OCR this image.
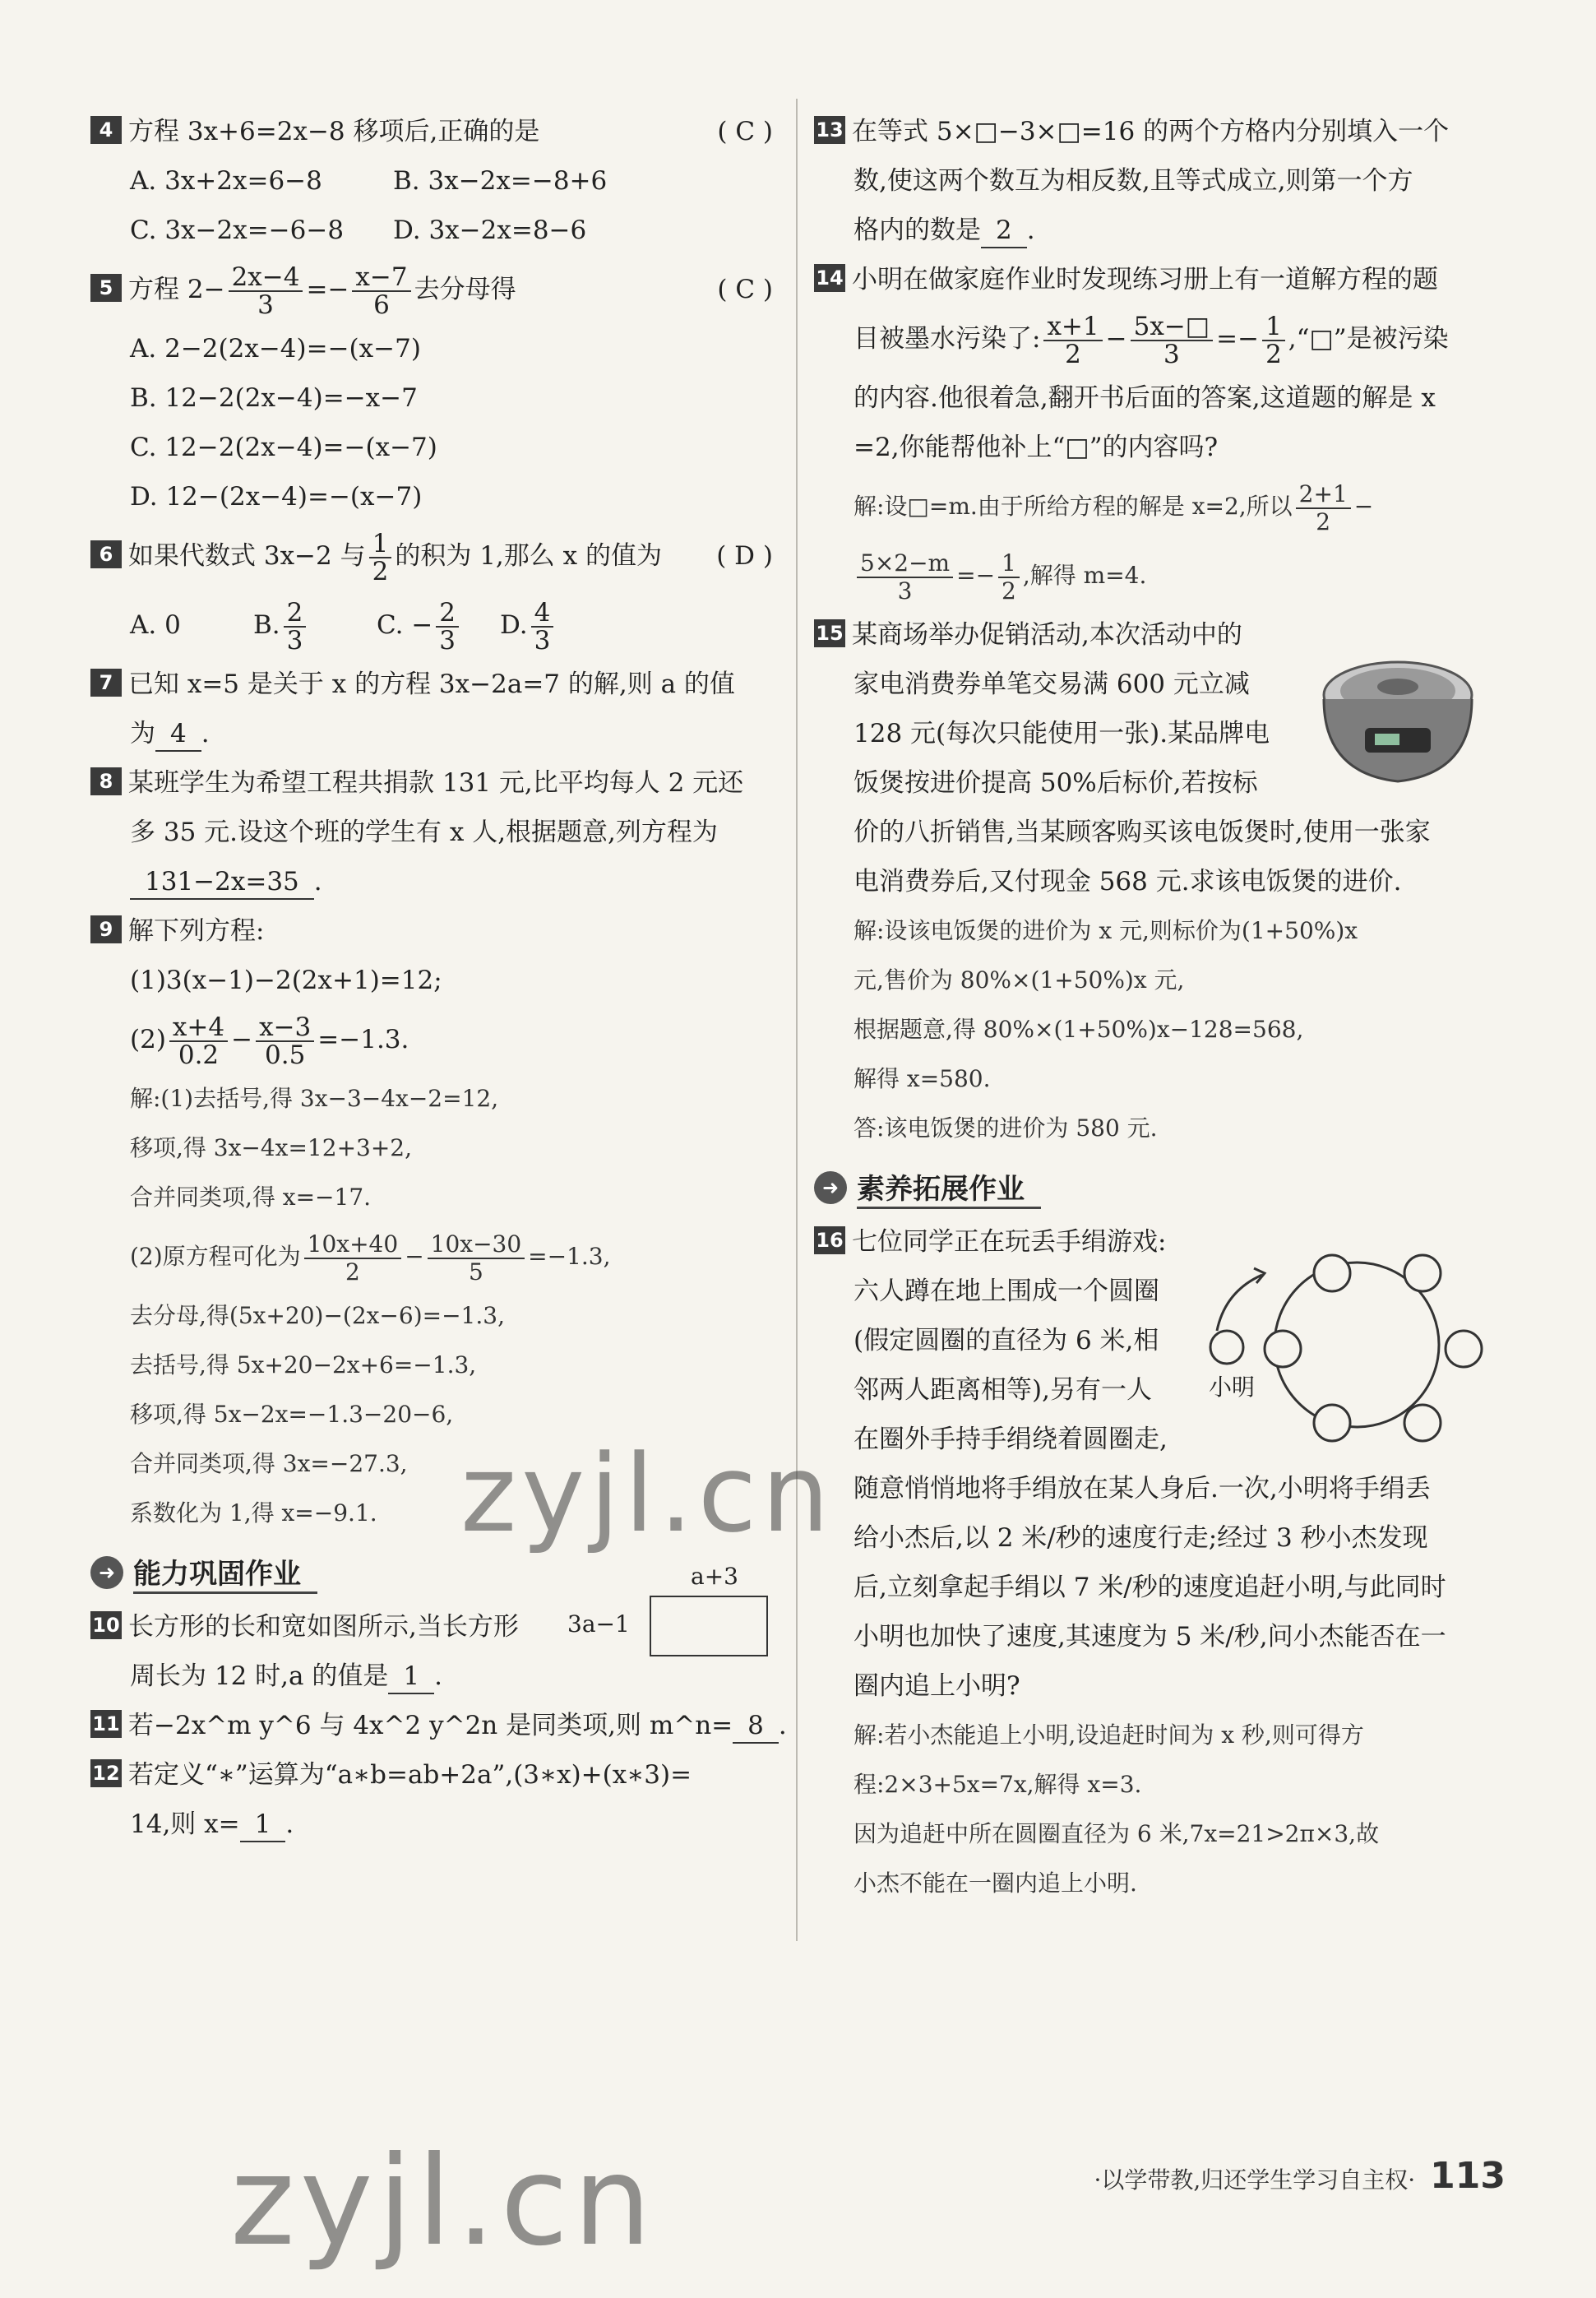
4 方程 3x+6=2x−8 移项后,正确的是	( C )
A. 3x+2x=6−8	B. 3x−2x=−8+6
C. 3x−2x=−6−8 D. 3x−2x=8−6
5 方程 $2- \frac{2x-4}{3} =- \frac{x-7}{6}$ 去分母得	( C )
A. 2−2(2x−4)=−(x−7)
B. 12−2(2x−4)=−x−7
C. 12−2(2x−4)=−(x−7)
D. 12−(2x−4)=−(x−7)
6 如果代数式 3x−2 与 $\frac{1}{2}$ 的积为 1,那么 x 的值为 ( D )
A. 0	B. $\frac{2}{3}$	C. − $\frac{2}{3} D$. $\frac{4}{3}$
7 已知 x=5 是关于 x 的方程 3x−2a=7 的解,则 a 的值
为 4 .
8 某班学生为希望工程共捐款 131 元,比平均每人 2 元还
多 35 元.设这个班的学生有 x 人,根据题意,列方程为
131−2x=35 .
9 解下列方程:
(1)3(x−1)−2(2x+1)=12;
$(2) \frac{x+4}{0.2} - \frac{x-3}{0.5} =-1.3$.
解:(1)去括号,得 3x−3−4x−2=12,
移项,得 3x−4x=12+3+2,
合并同类项,得 x=−17.
(2)原方程可化为 $\frac{10x+40}{2} - \frac{10x-30}{5} =-1.3$,
去分母,得(5x+20)−(2x−6)=−1.3,
去括号,得 5x+20−2x+6=−1.3,
移项,得 5x−2x=−1.3−20−6,
合并同类项,得 3x=−27.3,
系数化为 1,得 x=−9.1.
➜ 能力巩固作业
10 长方形的长和宽如图所示,当长方形
周长为 12 时,a 的值是 1 .
11 若−2x^m y^6 与 4x^2 y^2n 是同类项,则 m^n= 8 .
12 若定义“∗”运算为“a∗b=ab+2a”,(3∗x)+(x∗3)=
14,则 x= 1 .
a+3
3a−1
13 在等式 5×□−3×□=16 的两个方格内分别填入一个
数,使这两个数互为相反数,且等式成立,则第一个方
格内的数是 2 .
14 小明在做家庭作业时发现练习册上有一道解方程的题
目被墨水污染了: $\frac{x+1}{2} - \frac{5x-□}{3} =- \frac{1}{2}$ ,“□”是被污染
的内容.他很着急,翻开书后面的答案,这道题的解是 x
=2,你能帮他补上“□”的内容吗?
解:设□=m.由于所给方程的解是 x=2,所以 $\frac{2+1}{2}$ −
$\frac{5\times 2-m}{3} =- \frac{1}{2}$ ,解得 m=4.
15 某商场举办促销活动,本次活动中的
家电消费券单笔交易满 600 元立减
128 元(每次只能使用一张).某品牌电
饭煲按进价提高 50%后标价,若按标
价的八折销售,当某顾客购买该电饭煲时,使用一张家
电消费券后,又付现金 568 元.求该电饭煲的进价.
解:设该电饭煲的进价为 x 元,则标价为(1+50%)x
元,售价为 80%×(1+50%)x 元,
根据题意,得 80%×(1+50%)x−128=568,
解得 x=580.
答:该电饭煲的进价为 580 元.
➜ 素养拓展作业
16 七位同学正在玩丢手绢游戏:
六人蹲在地上围成一个圆圈
(假定圆圈的直径为 6 米,相
邻两人距离相等),另有一人
在圈外手持手绢绕着圆圈走,
随意悄悄地将手绢放在某人身后.一次,小明将手绢丢
给小杰后,以 2 米/秒的速度行走;经过 3 秒小杰发现
后,立刻拿起手绢以 7 米/秒的速度追赶小明,与此同时
小明也加快了速度,其速度为 5 米/秒,问小杰能否在一
圈内追上小明?
解:若小杰能追上小明,设追赶时间为 x 秒,则可得方
程:2×3+5x=7x,解得 x=3.
因为追赶中所在圆圈直径为 6 米,7x=21>2π×3,故
小杰不能在一圈内追上小明.
小明
zyjl.cn
zyjl.cn	·以学带教,归还学生学习自主权· 113
